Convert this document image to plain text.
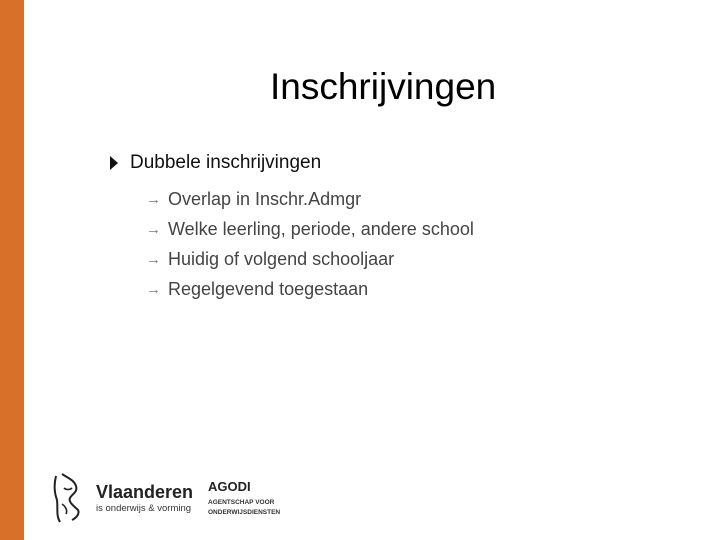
Inschrijvingen
Dubbele inschrijvingen
→ Overlap in Inschr.Admgr
→ Welke leerling, periode, andere school
→ Huidig of volgend schooljaar
→ Regelgevend toegestaan
Vlaanderen
is onderwijs & vorming
AGODI
AGENTSCHAP VOOR
ONDERWIJSDIENSTEN
